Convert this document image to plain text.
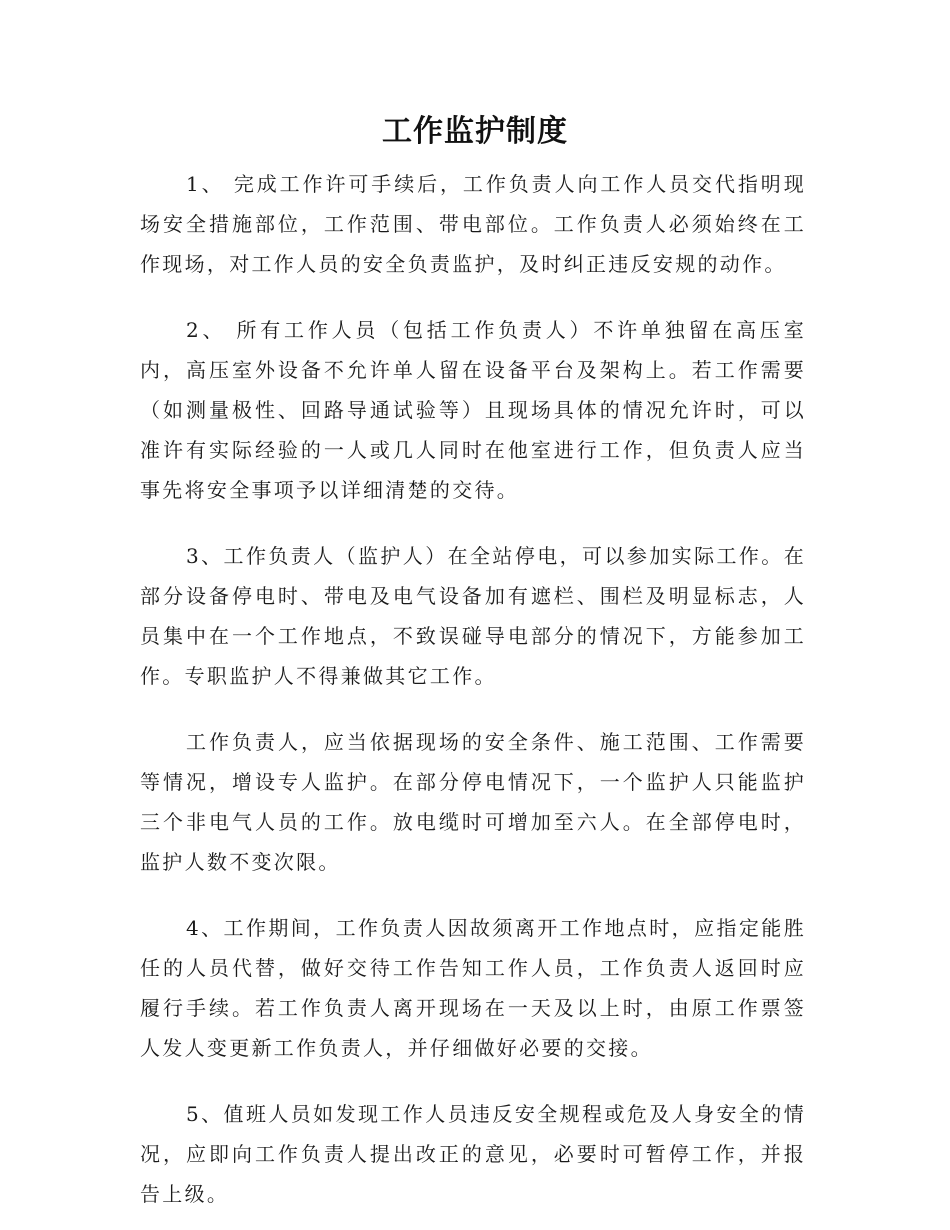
工作监护制度

1、 完成工作许可手续后，工作负责人向工作人员交代指明现场安全措施部位，工作范围、带电部位。工作负责人必须始终在工作现场，对工作人员的安全负责监护，及时纠正违反安规的动作。

2、 所有工作人员（包括工作负责人）不许单独留在高压室内，高压室外设备不允许单人留在设备平台及架构上。若工作需要（如测量极性、回路导通试验等）且现场具体的情况允许时，可以准许有实际经验的一人或几人同时在他室进行工作，但负责人应当事先将安全事项予以详细清楚的交待。

3、工作负责人（监护人）在全站停电，可以参加实际工作。在部分设备停电时、带电及电气设备加有遮栏、围栏及明显标志，人员集中在一个工作地点，不致误碰导电部分的情况下，方能参加工作。专职监护人不得兼做其它工作。

工作负责人，应当依据现场的安全条件、施工范围、工作需要等情况，增设专人监护。在部分停电情况下，一个监护人只能监护三个非电气人员的工作。放电缆时可增加至六人。在全部停电时，监护人数不变次限。

4、工作期间，工作负责人因故须离开工作地点时，应指定能胜任的人员代替，做好交待工作告知工作人员，工作负责人返回时应履行手续。若工作负责人离开现场在一天及以上时，由原工作票签人发人变更新工作负责人，并仔细做好必要的交接。

5、值班人员如发现工作人员违反安全规程或危及人身安全的情况，应即向工作负责人提出改正的意见，必要时可暂停工作，并报告上级。
